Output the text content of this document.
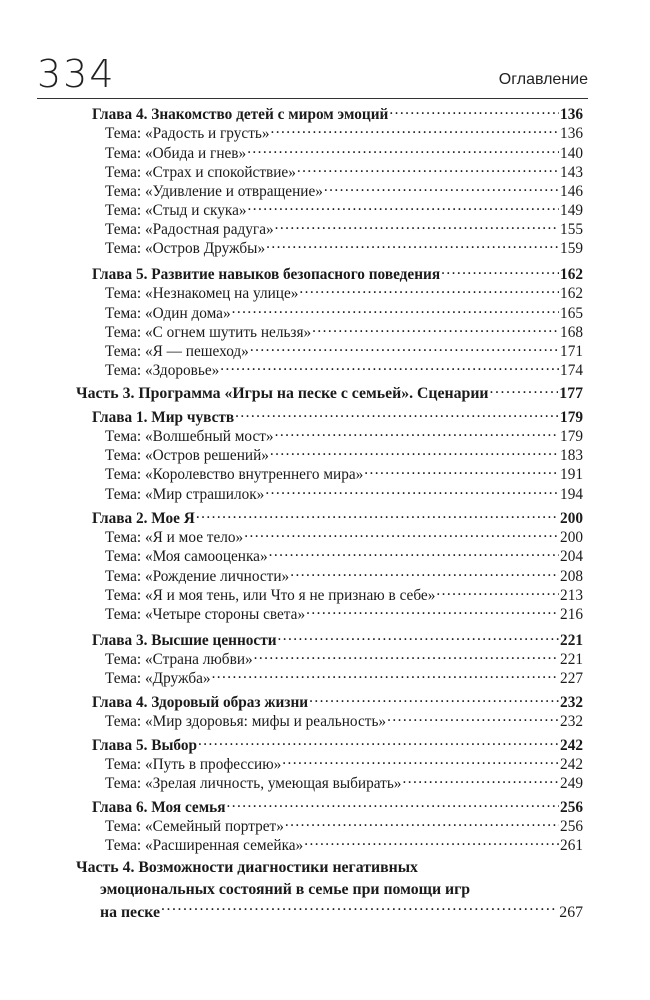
334	Оглавление
Глава 4. Знакомство детей с миром эмоций . . .	136
Тема: «Радость и грусть» . . .	136
Тема: «Обида и гнев» . . .	140
Тема: «Страх и спокойствие» . . .	143
Тема: «Удивление и отвращение» . . .	146
Тема: «Стыд и скука» . . .	149
Тема: «Радостная радуга» . . .	155
Тема: «Остров Дружбы» . . .	159
Глава 5. Развитие навыков безопасного поведения . . .	162
Тема: «Незнакомец на улице» . . .	162
Тема: «Один дома» . . .	165
Тема: «С огнем шутить нельзя» . . .	168
Тема: «Я — пешеход» . . .	171
Тема: «Здоровье» . . .	174
Часть 3. Программа «Игры на песке с семьей». Сценарии . . .	177
Глава 1. Мир чувств . . .	179
Тема: «Волшебный мост» . . .	179
Тема: «Остров решений» . . .	183
Тема: «Королевство внутреннего мира» . . .	191
Тема: «Мир страшилок» . . .	194
Глава 2. Мое Я . . .	200
Тема: «Я и мое тело» . . .	200
Тема: «Моя самооценка» . . .	204
Тема: «Рождение личности» . . .	208
Тема: «Я и моя тень, или Что я не признаю в себе» . . .	213
Тема: «Четыре стороны света» . . .	216
Глава 3. Высшие ценности . . .	221
Тема: «Страна любви» . . .	221
Тема: «Дружба» . . .	227
Глава 4. Здоровый образ жизни . . .	232
Тема: «Мир здоровья: мифы и реальность» . . .	232
Глава 5. Выбор . . .	242
Тема: «Путь в профессию» . . .	242
Тема: «Зрелая личность, умеющая выбирать» . . .	249
Глава 6. Моя семья . . .	256
Тема: «Семейный портрет» . . .	256
Тема: «Расширенная семейка» . . .	261
Часть 4. Возможности диагностики негативных
эмоциональных состояний в семье при помощи игр
на песке . . .	267
